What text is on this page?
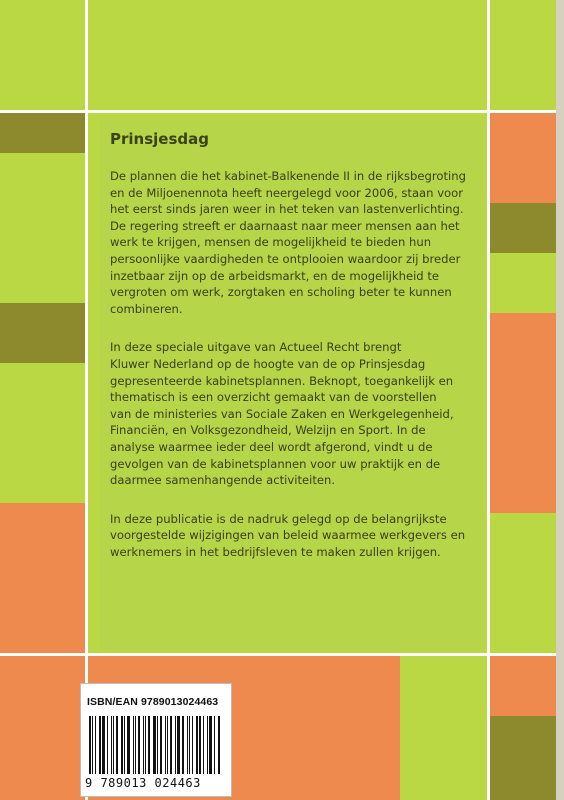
Prinsjesdag

De plannen die het kabinet-Balkenende II in de rijksbegroting
en de Miljoenennota heeft neergelegd voor 2006, staan voor
het eerst sinds jaren weer in het teken van lastenverlichting.
De regering streeft er daarnaast naar meer mensen aan het
werk te krijgen, mensen de mogelijkheid te bieden hun
persoonlijke vaardigheden te ontplooien waardoor zij breder
inzetbaar zijn op de arbeidsmarkt, en de mogelijkheid te
vergroten om werk, zorgtaken en scholing beter te kunnen
combineren.

In deze speciale uitgave van Actueel Recht brengt
Kluwer Nederland op de hoogte van de op Prinsjesdag
gepresenteerde kabinetsplannen. Beknopt, toegankelijk en
thematisch is een overzicht gemaakt van de voorstellen
van de ministeries van Sociale Zaken en Werkgelegenheid,
Financiën, en Volksgezondheid, Welzijn en Sport. In de
analyse waarmee ieder deel wordt afgerond, vindt u de
gevolgen van de kabinetsplannen voor uw praktijk en de
daarmee samenhangende activiteiten.

In deze publicatie is de nadruk gelegd op de belangrijkste
voorgestelde wijzigingen van beleid waarmee werkgevers en
werknemers in het bedrijfsleven te maken zullen krijgen.

ISBN/EAN 9789013024463
9 789013 024463
